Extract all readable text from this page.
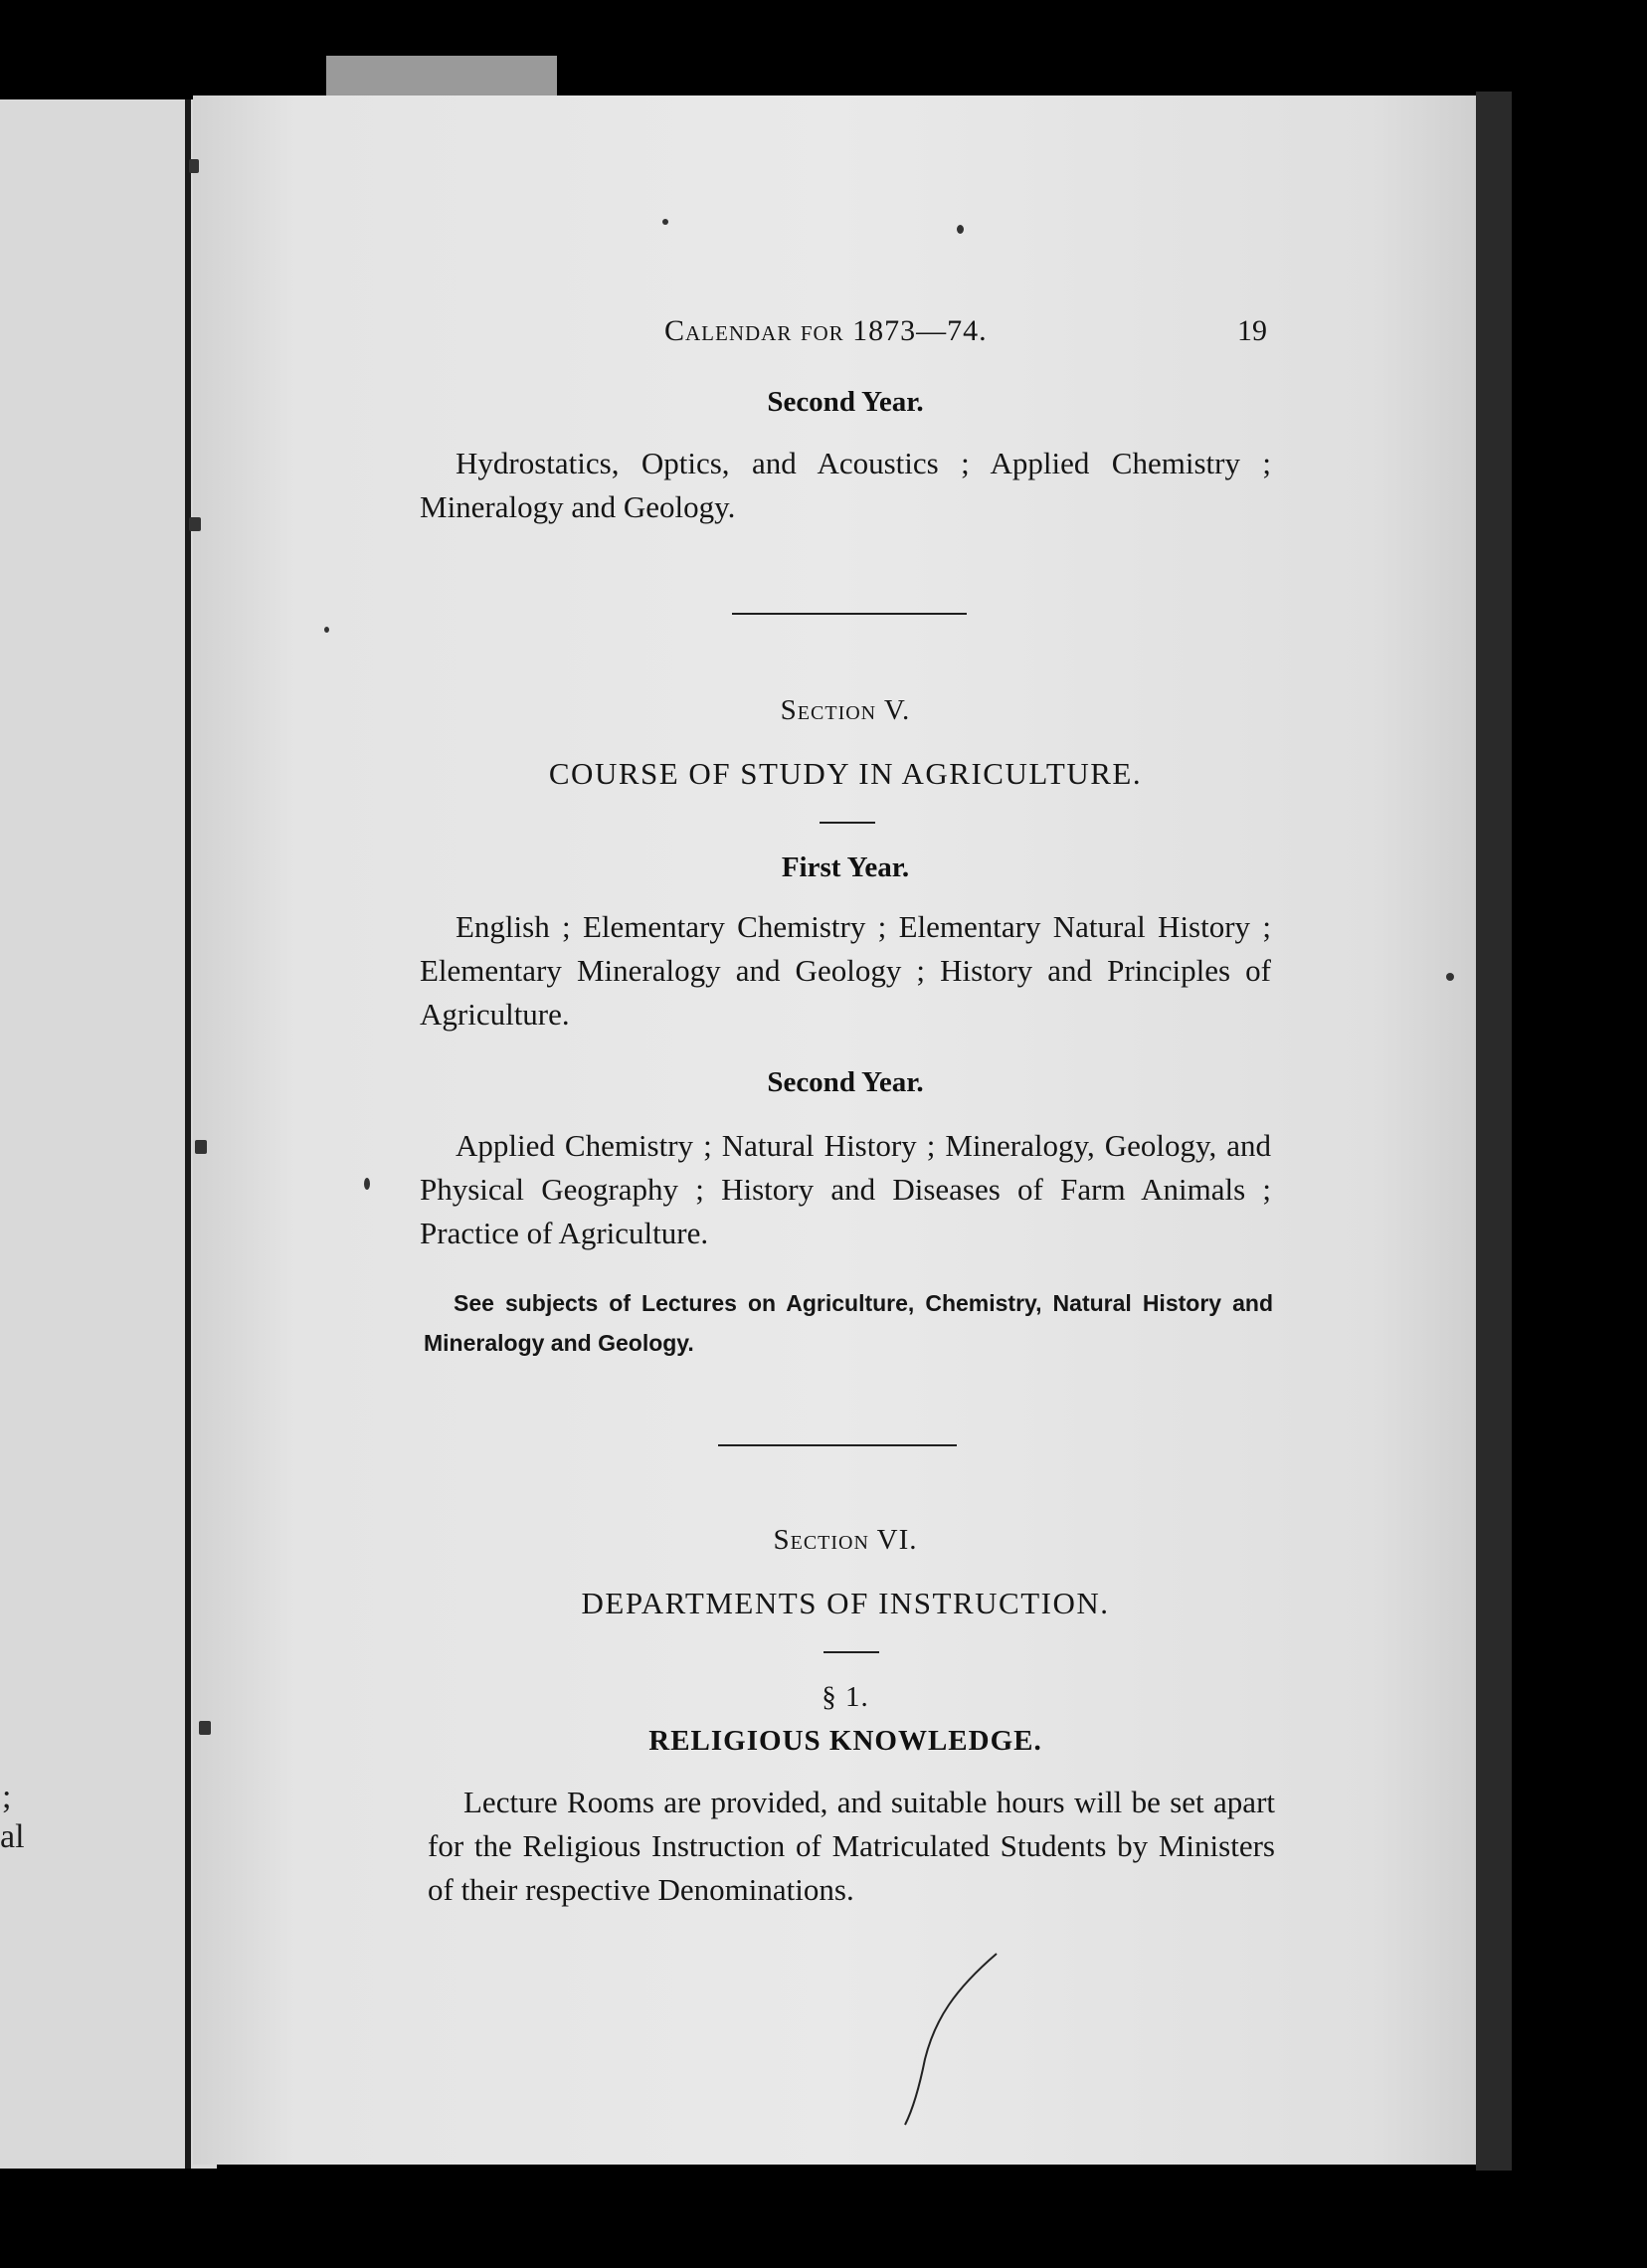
;
al
Calendar for 1873—74.	19
Second Year.
Hydrostatics, Optics, and Acoustics ; Applied Chemistry ; Mineralogy and Geology.
Section V.
COURSE OF STUDY IN AGRICULTURE.
First Year.
English ; Elementary Chemistry ; Elementary Natural History ; Elementary Mineralogy and Geology ; History and Principles of Agriculture.
Second Year.
Applied Chemistry ; Natural History ; Mineralogy, Geology, and Physical Geography ; History and Diseases of Farm Animals ; Practice of Agriculture.
See subjects of Lectures on Agriculture, Chemistry, Natural History and Mineralogy and Geology.
Section VI.
DEPARTMENTS OF INSTRUCTION.
§ 1.
RELIGIOUS KNOWLEDGE.
Lecture Rooms are provided, and suitable hours will be set apart for the Religious Instruction of Matriculated Students by Ministers of their respective Denominations.
